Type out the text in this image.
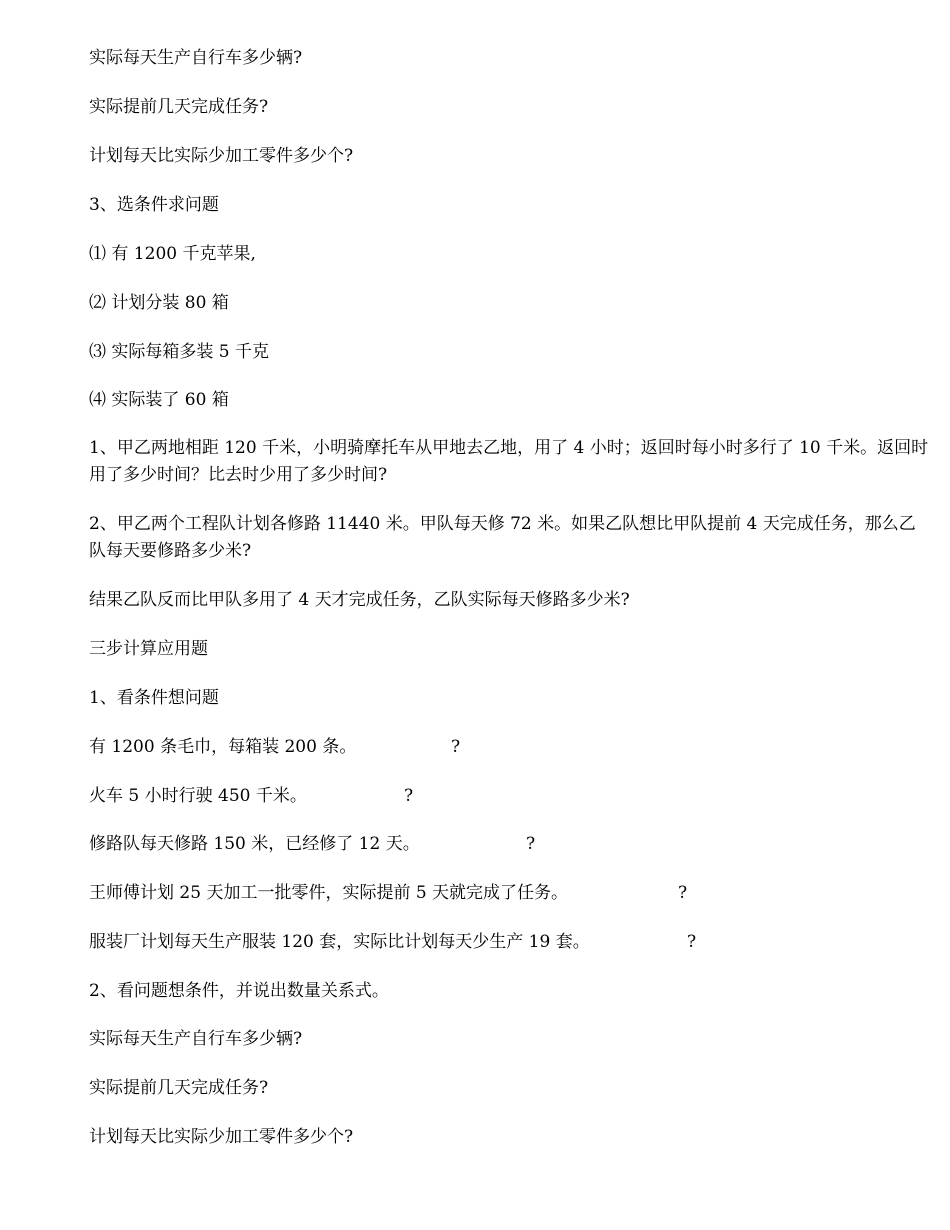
实际每天生产自行车多少辆?

实际提前几天完成任务?

计划每天比实际少加工零件多少个?

3、选条件求问题

⑴ 有 1200 千克苹果,

⑵ 计划分装 80 箱

⑶ 实际每箱多装 5 千克

⑷ 实际装了 60 箱

1、甲乙两地相距 120 千米，小明骑摩托车从甲地去乙地，用了 4 小时；返回时每小时多行了 10 千米。返回时用了多少时间？比去时少用了多少时间?

2、甲乙两个工程队计划各修路 11440 米。甲队每天修 72 米。如果乙队想比甲队提前 4 天完成任务，那么乙队每天要修路多少米?

结果乙队反而比甲队多用了 4 天才完成任务，乙队实际每天修路多少米?

三步计算应用题

1、看条件想问题

有 1200 条毛巾，每箱装 200 条。	?

火车 5 小时行驶 450 千米。	?

修路队每天修路 150 米，已经修了 12 天。	?

王师傅计划 25 天加工一批零件，实际提前 5 天就完成了任务。	?

服装厂计划每天生产服装 120 套，实际比计划每天少生产 19 套。	?

2、看问题想条件，并说出数量关系式。

实际每天生产自行车多少辆?

实际提前几天完成任务?

计划每天比实际少加工零件多少个?
